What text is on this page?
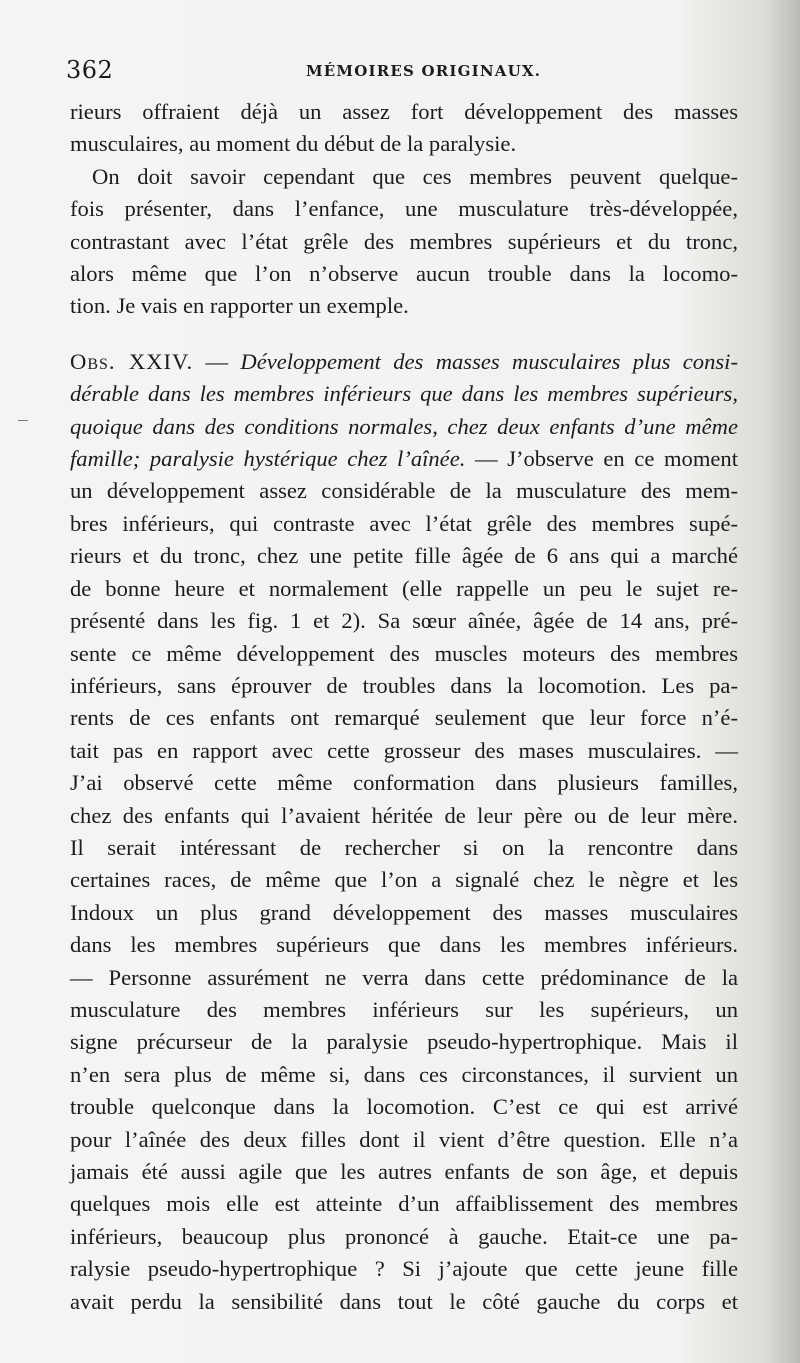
362	MÉMOIRES ORIGINAUX.
rieurs offraient déjà un assez fort développement des masses
musculaires, au moment du début de la paralysie.
On doit savoir cependant que ces membres peuvent quelque-
fois présenter, dans l’enfance, une musculature très-développée,
contrastant avec l’état grêle des membres supérieurs et du tronc,
alors même que l’on n’observe aucun trouble dans la locomo-
tion. Je vais en rapporter un exemple.
Obs. XXIV. — Développement des masses musculaires plus consi-
dérable dans les membres inférieurs que dans les membres supérieurs,
quoique dans des conditions normales, chez deux enfants d’une même
famille; paralysie hystérique chez l’aînée. — J’observe en ce moment
un développement assez considérable de la musculature des mem-
bres inférieurs, qui contraste avec l’état grêle des membres supé-
rieurs et du tronc, chez une petite fille âgée de 6 ans qui a marché
de bonne heure et normalement (elle rappelle un peu le sujet re-
présenté dans les fig. 1 et 2). Sa sœur aînée, âgée de 14 ans, pré-
sente ce même développement des muscles moteurs des membres
inférieurs, sans éprouver de troubles dans la locomotion. Les pa-
rents de ces enfants ont remarqué seulement que leur force n’é-
tait pas en rapport avec cette grosseur des mases musculaires. —
J’ai observé cette même conformation dans plusieurs familles,
chez des enfants qui l’avaient héritée de leur père ou de leur mère.
Il serait intéressant de rechercher si on la rencontre dans
certaines races, de même que l’on a signalé chez le nègre et les
Indoux un plus grand développement des masses musculaires
dans les membres supérieurs que dans les membres inférieurs.
— Personne assurément ne verra dans cette prédominance de la
musculature des membres inférieurs sur les supérieurs, un
signe précurseur de la paralysie pseudo-hypertrophique. Mais il
n’en sera plus de même si, dans ces circonstances, il survient un
trouble quelconque dans la locomotion. C’est ce qui est arrivé
pour l’aînée des deux filles dont il vient d’être question. Elle n’a
jamais été aussi agile que les autres enfants de son âge, et depuis
quelques mois elle est atteinte d’un affaiblissement des membres
inférieurs, beaucoup plus prononcé à gauche. Etait-ce une pa-
ralysie pseudo-hypertrophique ? Si j’ajoute que cette jeune fille
avait perdu la sensibilité dans tout le côté gauche du corps et
